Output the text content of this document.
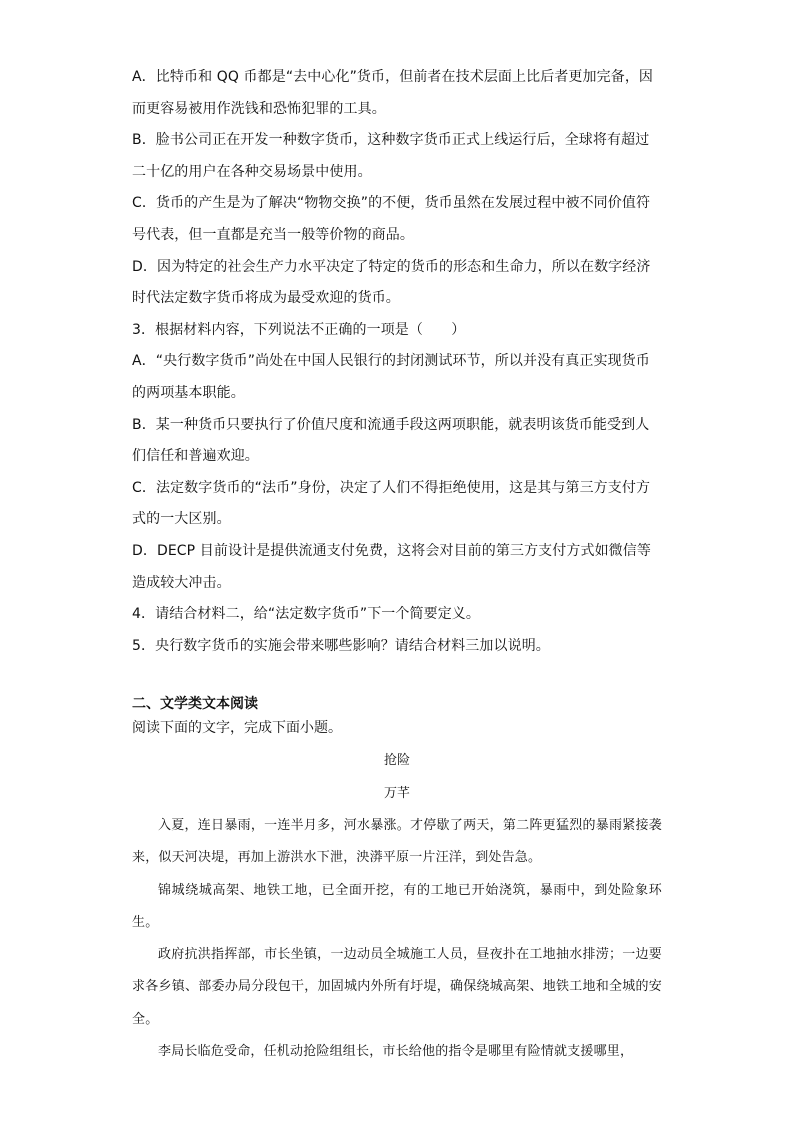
A．比特币和 QQ 币都是“去中心化”货币，但前者在技术层面上比后者更加完备，因而更容易被用作洗钱和恐怖犯罪的工具。

B．脸书公司正在开发一种数字货币，这种数字货币正式上线运行后，全球将有超过二十亿的用户在各种交易场景中使用。

C．货币的产生是为了解决“物物交换”的不便，货币虽然在发展过程中被不同价值符号代表，但一直都是充当一般等价物的商品。

D．因为特定的社会生产力水平决定了特定的货币的形态和生命力，所以在数字经济时代法定数字货币将成为最受欢迎的货币。

3．根据材料内容，下列说法不正确的一项是（　　）

A．“央行数字货币”尚处在中国人民银行的封闭测试环节，所以并没有真正实现货币的两项基本职能。

B．某一种货币只要执行了价值尺度和流通手段这两项职能，就表明该货币能受到人们信任和普遍欢迎。

C．法定数字货币的“法币”身份，决定了人们不得拒绝使用，这是其与第三方支付方式的一大区别。

D．DECP 目前设计是提供流通支付免费，这将会对目前的第三方支付方式如微信等造成较大冲击。

4．请结合材料二，给“法定数字货币”下一个简要定义。

5．央行数字货币的实施会带来哪些影响？请结合材料三加以说明。

二、文学类文本阅读

阅读下面的文字，完成下面小题。

抢险

万芊

入夏，连日暴雨，一连半月多，河水暴涨。才停歇了两天，第二阵更猛烈的暴雨紧接袭来，似天河决堤，再加上游洪水下泄，泱漭平原一片汪洋，到处告急。

锦城绕城高架、地铁工地，已全面开挖，有的工地已开始浇筑，暴雨中，到处险象环生。

政府抗洪指挥部，市长坐镇，一边动员全城施工人员，昼夜扑在工地抽水排涝；一边要求各乡镇、部委办局分段包干，加固城内外所有圩堤，确保绕城高架、地铁工地和全城的安全。

李局长临危受命，任机动抢险组组长，市长给他的指令是哪里有险情就支援哪里，
